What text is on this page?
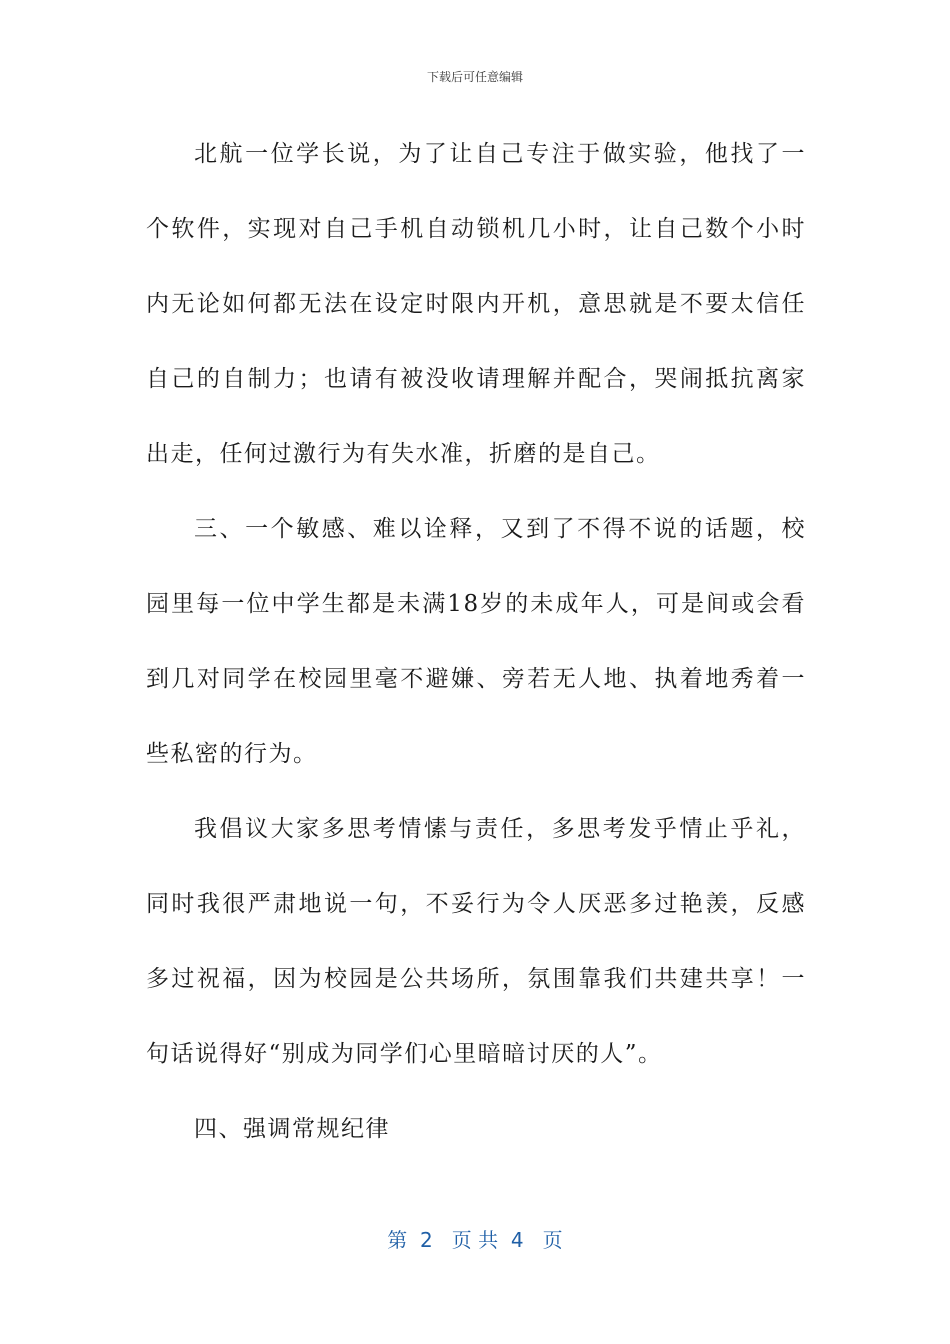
下载后可任意编辑

北航一位学长说，为了让自己专注于做实验，他找了一个软件，实现对自己手机自动锁机几小时，让自己数个小时内无论如何都无法在设定时限内开机，意思就是不要太信任自己的自制力；也请有被没收请理解并配合，哭闹抵抗离家出走，任何过激行为有失水准，折磨的是自己。

三、一个敏感、难以诠释，又到了不得不说的话题，校园里每一位中学生都是未满18岁的未成年人，可是间或会看到几对同学在校园里毫不避嫌、旁若无人地、执着地秀着一些私密的行为。

我倡议大家多思考情愫与责任，多思考发乎情止乎礼，同时我很严肃地说一句，不妥行为令人厌恶多过艳羡，反感多过祝福，因为校园是公共场所，氛围靠我们共建共享！一句话说得好“别成为同学们心里暗暗讨厌的人”。

四、强调常规纪律

第  2   页 共  4   页
